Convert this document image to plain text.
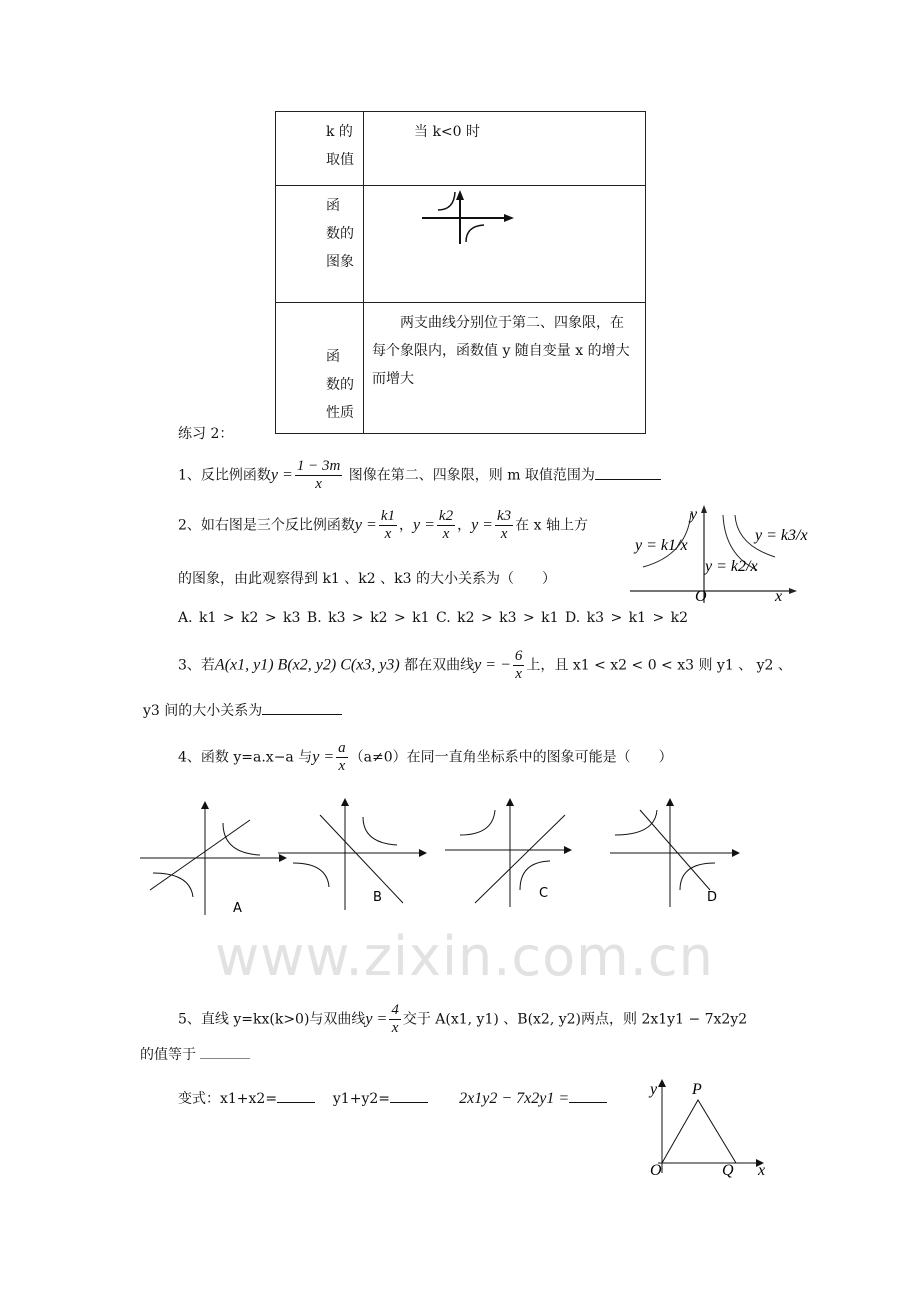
k 的取值	当 k<0 时
函　数的图象	
函　数的性质	两支曲线分别位于第二、四象限，在每个象限内，函数值 y 随自变量 x 的增大而增大
练习 2：
1、反比例函数$y = \frac{1 - 3m}{x}$ 图像在第二、四象限，则 m 取值范围为
2、如右图是三个反比例函数$y = \frac{k1}{x}$ ，$y = \frac{k2}{x}$ ，$y = \frac{k3}{x}$ 在 x 轴上方
的图象，由此观察得到 k1 、k2 、k3 的大小关系为（　　）
y
O	x
y = k1/x
y = k2/x
y = k3/x
A. k1 > k2 > k3 B. k3 > k2 > k1 C. k2 > k3 > k1 D. k3 > k1 > k2
3、若A(x1, y1) B(x2, y2) C(x3, y3) 都在双曲线y = − $\frac{6}{x}$ 上，且 x1 < x2 < 0 < x3 则 y1 、 y2 、
y3 间的大小关系为
4、函数 y=a.x−a 与$y = \frac{a}{x} (a\ne 0)$在同一直角坐标系中的图象可能是（　　）
A
B	C	D
www.zixin.com.cn
5、直线 y=kx(k>0)与双曲线$y = \frac{4}{x}$ 交于 A(x1, y1) 、B(x2, y2)两点，则 2x1y1 − 7x2y2
的值等于
变式：x1+x2=	y1+y2=	2x1y2 − 7x2y1 =
y
O
P
Q x
